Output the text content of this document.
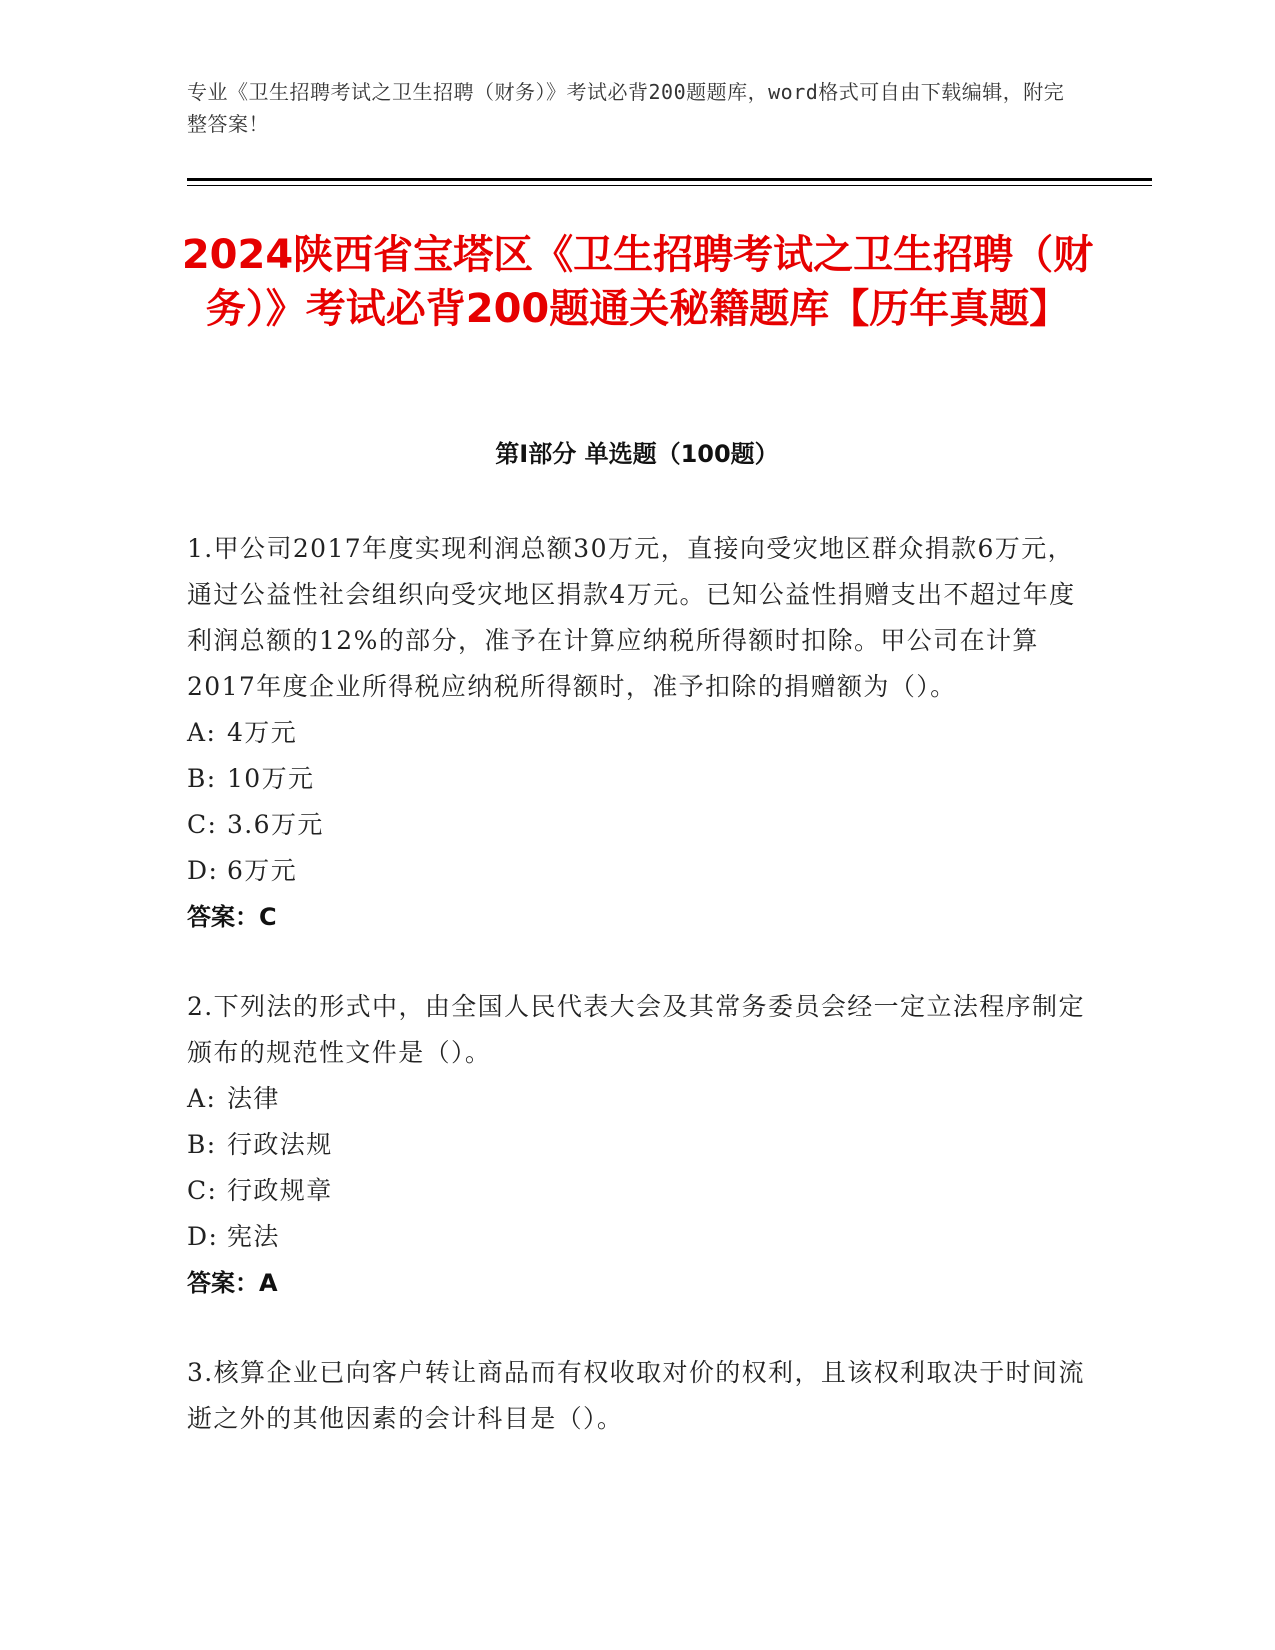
专业《卫生招聘考试之卫生招聘（财务）》考试必背200题题库，word格式可自由下载编辑，附完整答案！
2024陕西省宝塔区《卫生招聘考试之卫生招聘（财务）》考试必背200题通关秘籍题库【历年真题】
第I部分 单选题（100题）

1.甲公司2017年度实现利润总额30万元，直接向受灾地区群众捐款6万元，通过公益性社会组织向受灾地区捐款4万元。已知公益性捐赠支出不超过年度利润总额的12%的部分，准予在计算应纳税所得额时扣除。甲公司在计算2017年度企业所得税应纳税所得额时，准予扣除的捐赠额为（）。

A: 4万元

B: 10万元

C: 3.6万元

D: 6万元

答案：C

2.下列法的形式中，由全国人民代表大会及其常务委员会经一定立法程序制定颁布的规范性文件是（）。

A: 法律

B: 行政法规

C: 行政规章

D: 宪法

答案：A

3.核算企业已向客户转让商品而有权收取对价的权利，且该权利取决于时间流逝之外的其他因素的会计科目是（）。
